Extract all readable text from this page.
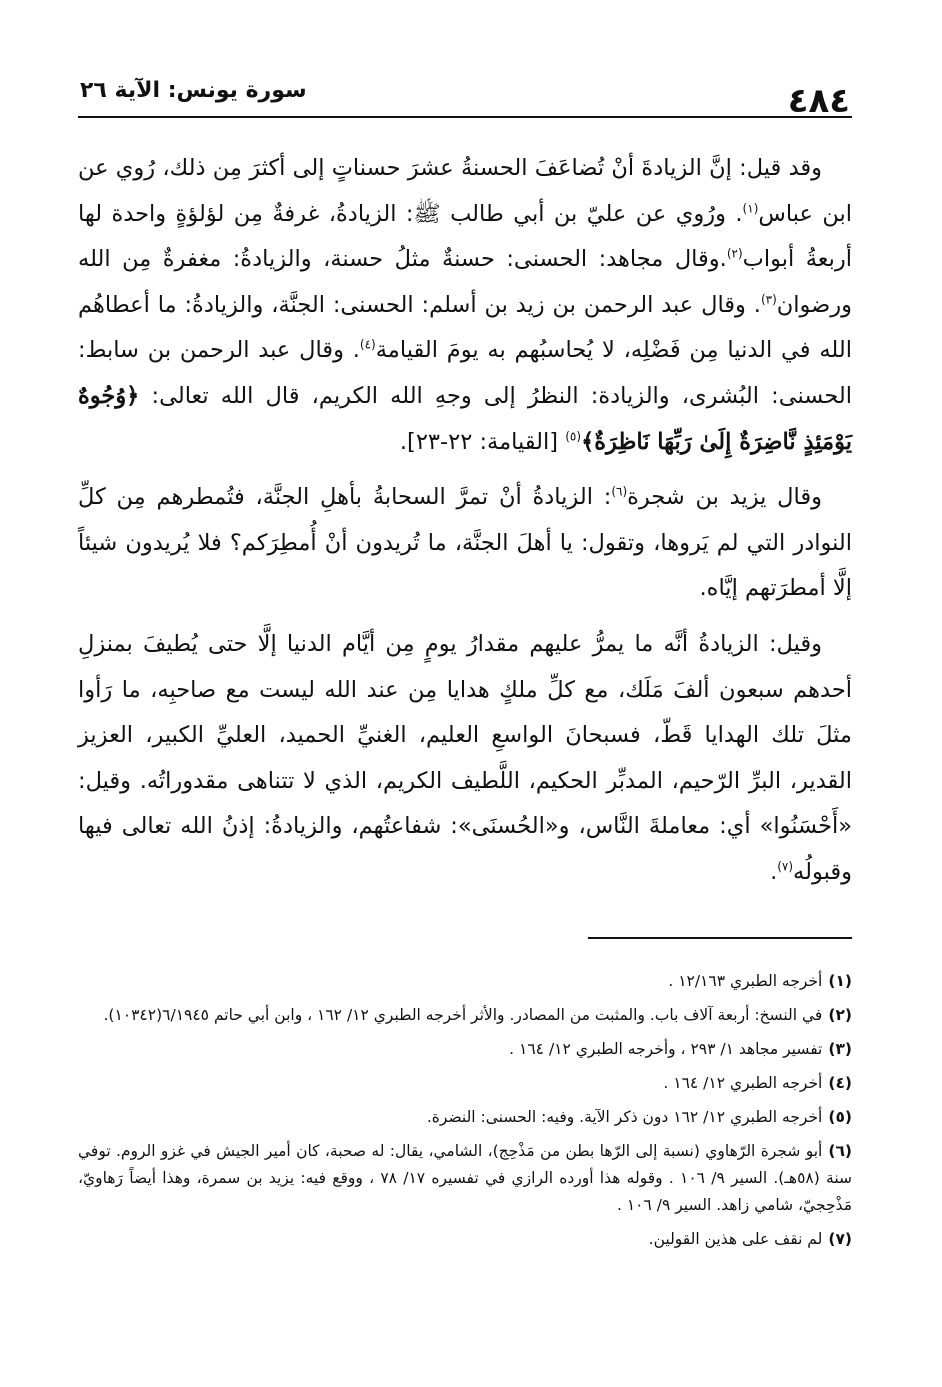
٤٨٤
سورة يونس: الآية ٢٦

وقد قيل: إنَّ الزيادةَ أنْ تُضاعَفَ الحسنةُ عشرَ حسناتٍ إلى أكثرَ مِن ذلك، رُوي عن ابن عباس$^{(١)}$. ورُوي عن عليّ بن أبي طالب ﷺ: الزيادةُ، غرفةٌ مِن لؤلؤةٍ واحدة لها أربعةُ أبواب$^{(٢)}$.وقال مجاهد: الحسنى: حسنةٌ مثلُ حسنة، والزيادةُ: مغفرةٌ مِن الله ورضوان$^{(٣)}$. وقال عبد الرحمن بن زيد بن أسلم: الحسنى: الجنَّة، والزيادةُ: ما أعطاهُم الله في الدنيا مِن فَضْلِه، لا يُحاسبُهم به يومَ القيامة$^{(٤)}$. وقال عبد الرحمن بن سابط: الحسنى: البُشرى، والزيادة: النظرُ إلى وجهِ الله الكريم، قال الله تعالى: ﴿وُجُوهٌ يَوْمَئِذٍ نَّاضِرَةٌ إِلَىٰ رَبِّهَا نَاظِرَةٌ﴾$^{(٥)}$ [القيامة: ٢٢-٢٣].

وقال يزيد بن شجرة$^{(٦)}$: الزيادةُ أنْ تمرَّ السحابةُ بأهلِ الجنَّة، فتُمطرهم مِن كلِّ النوادر التي لم يَروها، وتقول: يا أهلَ الجنَّة، ما تُريدون أنْ أُمطِرَكم؟ فلا يُريدون شيئاً إلَّا أمطرَتهم إيَّاه.

وقيل: الزيادةُ أنَّه ما يمرُّ عليهم مقدارُ يومٍ مِن أيَّام الدنيا إلَّا حتى يُطيفَ بمنزلِ أحدهم سبعون ألفَ مَلَك، مع كلِّ ملكٍ هدايا مِن عند الله ليست مع صاحبِه، ما رَأوا مثلَ تلك الهدايا قَطّ، فسبحانَ الواسعِ العليم، الغنيِّ الحميد، العليِّ الكبير، العزيز القدير، البرِّ الرّحيم، المدبِّر الحكيم، اللَّطيف الكريم، الذي لا تتناهى مقدوراتُه. وقيل: «أَحْسَنُوا» أي: معاملةَ النَّاس، و«الحُسنَى»: شفاعتُهم، والزيادةُ: إذنُ الله تعالى فيها وقبولُه$^{(٧)}$.

(١)أخرجه الطبري ١٢/١٦٣ .

(٢)في النسخ: أربعة آلاف باب. والمثبت من المصادر. والأثر أخرجه الطبري ١٢/ ١٦٢ ، وابن أبي حاتم ٦/١٩٤٥(١٠٣٤٢).

(٣)تفسير مجاهد ١/ ٢٩٣ ، وأخرجه الطبري ١٢/ ١٦٤ .

(٤)أخرجه الطبري ١٢/ ١٦٤ .

(٥)أخرجه الطبري ١٢/ ١٦٢ دون ذكر الآية. وفيه: الحسنى: النضرة.

(٦)أبو شجرة الرّهاوي (نسبة إلى الرّها بطن من مَذْحِج)، الشامي، يقال: له صحبة، كان أمير الجيش في غزو الروم. توفي سنة (٥٨هـ). السير ٩/ ١٠٦ . وقوله هذا أورده الرازي في تفسيره ١٧/ ٧٨ ، ووقع فيه: يزيد بن سمرة، وهذا أيضاً رَهاويّ، مَذْحِجيّ، شامي زاهد. السير ٩/ ١٠٦ .

(٧)لم نقف على هذين القولين.
